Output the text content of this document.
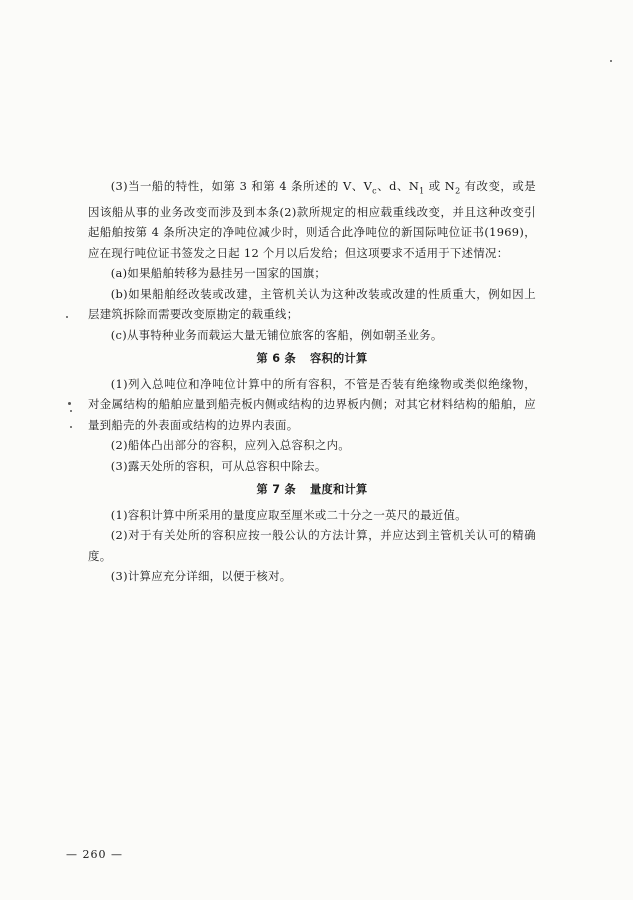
(3)当一船的特性，如第 3 和第 4 条所述的 V、$V_c$、d、$N_1$ 或 $N_2$ 有改变，或是因该船从事的业务改变而涉及到本条(2)款所规定的相应载重线改变，并且这种改变引起船舶按第 4 条所决定的净吨位减少时，则适合此净吨位的新国际吨位证书(1969)，应在现行吨位证书签发之日起 12 个月以后发给；但这项要求不适用于下述情况：

(a)如果船舶转移为悬挂另一国家的国旗；

(b)如果船舶经改装或改建，主管机关认为这种改装或改建的性质重大，例如因上层建筑拆除而需要改变原勘定的载重线；

(c)从事特种业务而载运大量无铺位旅客的客船，例如朝圣业务。

第 6 条 容积的计算

(1)列入总吨位和净吨位计算中的所有容积，不管是否装有绝缘物或类似绝缘物，对金属结构的船舶应量到船壳板内侧或结构的边界板内侧；对其它材料结构的船舶，应量到船壳的外表面或结构的边界内表面。

(2)船体凸出部分的容积，应列入总容积之内。

(3)露天处所的容积，可从总容积中除去。

第 7 条 量度和计算

(1)容积计算中所采用的量度应取至厘米或二十分之一英尺的最近值。

(2)对于有关处所的容积应按一般公认的方法计算，并应达到主管机关认可的精确度。

(3)计算应充分详细，以便于核对。

— 260 —
